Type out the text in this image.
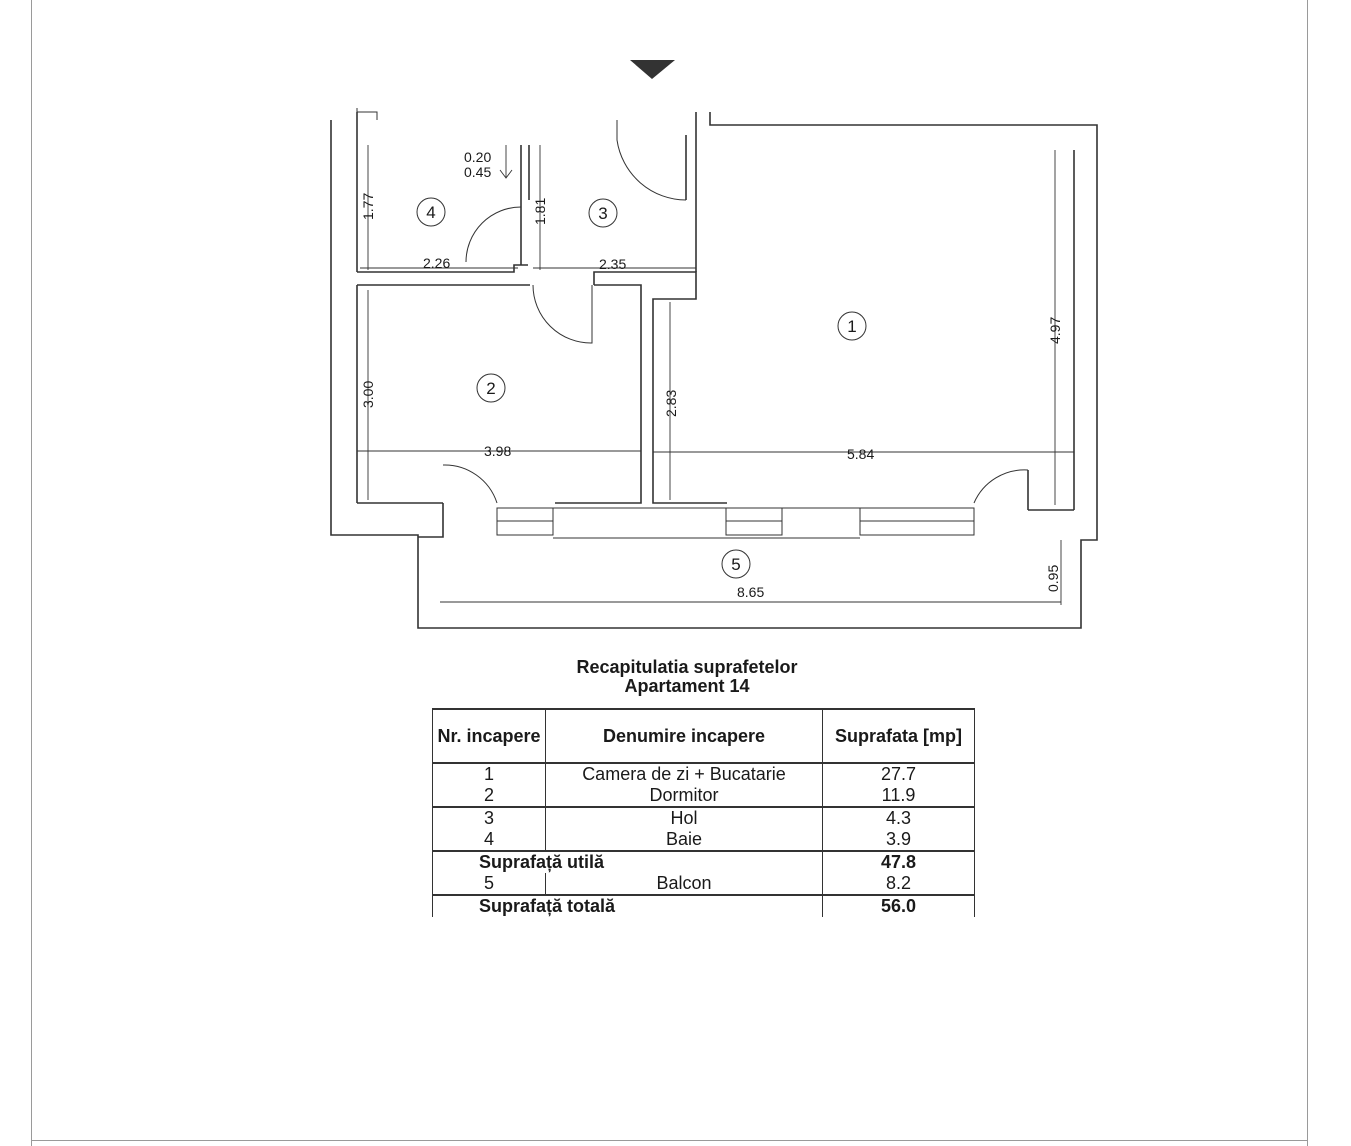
0.20
0.45
1.77	1.81
2.26	2.35
3.00	2.83
3.98	5.84
4.97
0.95
8.65
1
2
3
4
5
Recapitulatia suprafetelor
Apartament 14
Nr. incapere	Denumire incapere	Suprafata [mp]
1	Camera de zi + Bucatarie	27.7
2	Dormitor	11.9
3	Hol	4.3
4	Baie	3.9
Suprafață utilă		47.8
5	Balcon	8.2
Suprafață totală		56.0
